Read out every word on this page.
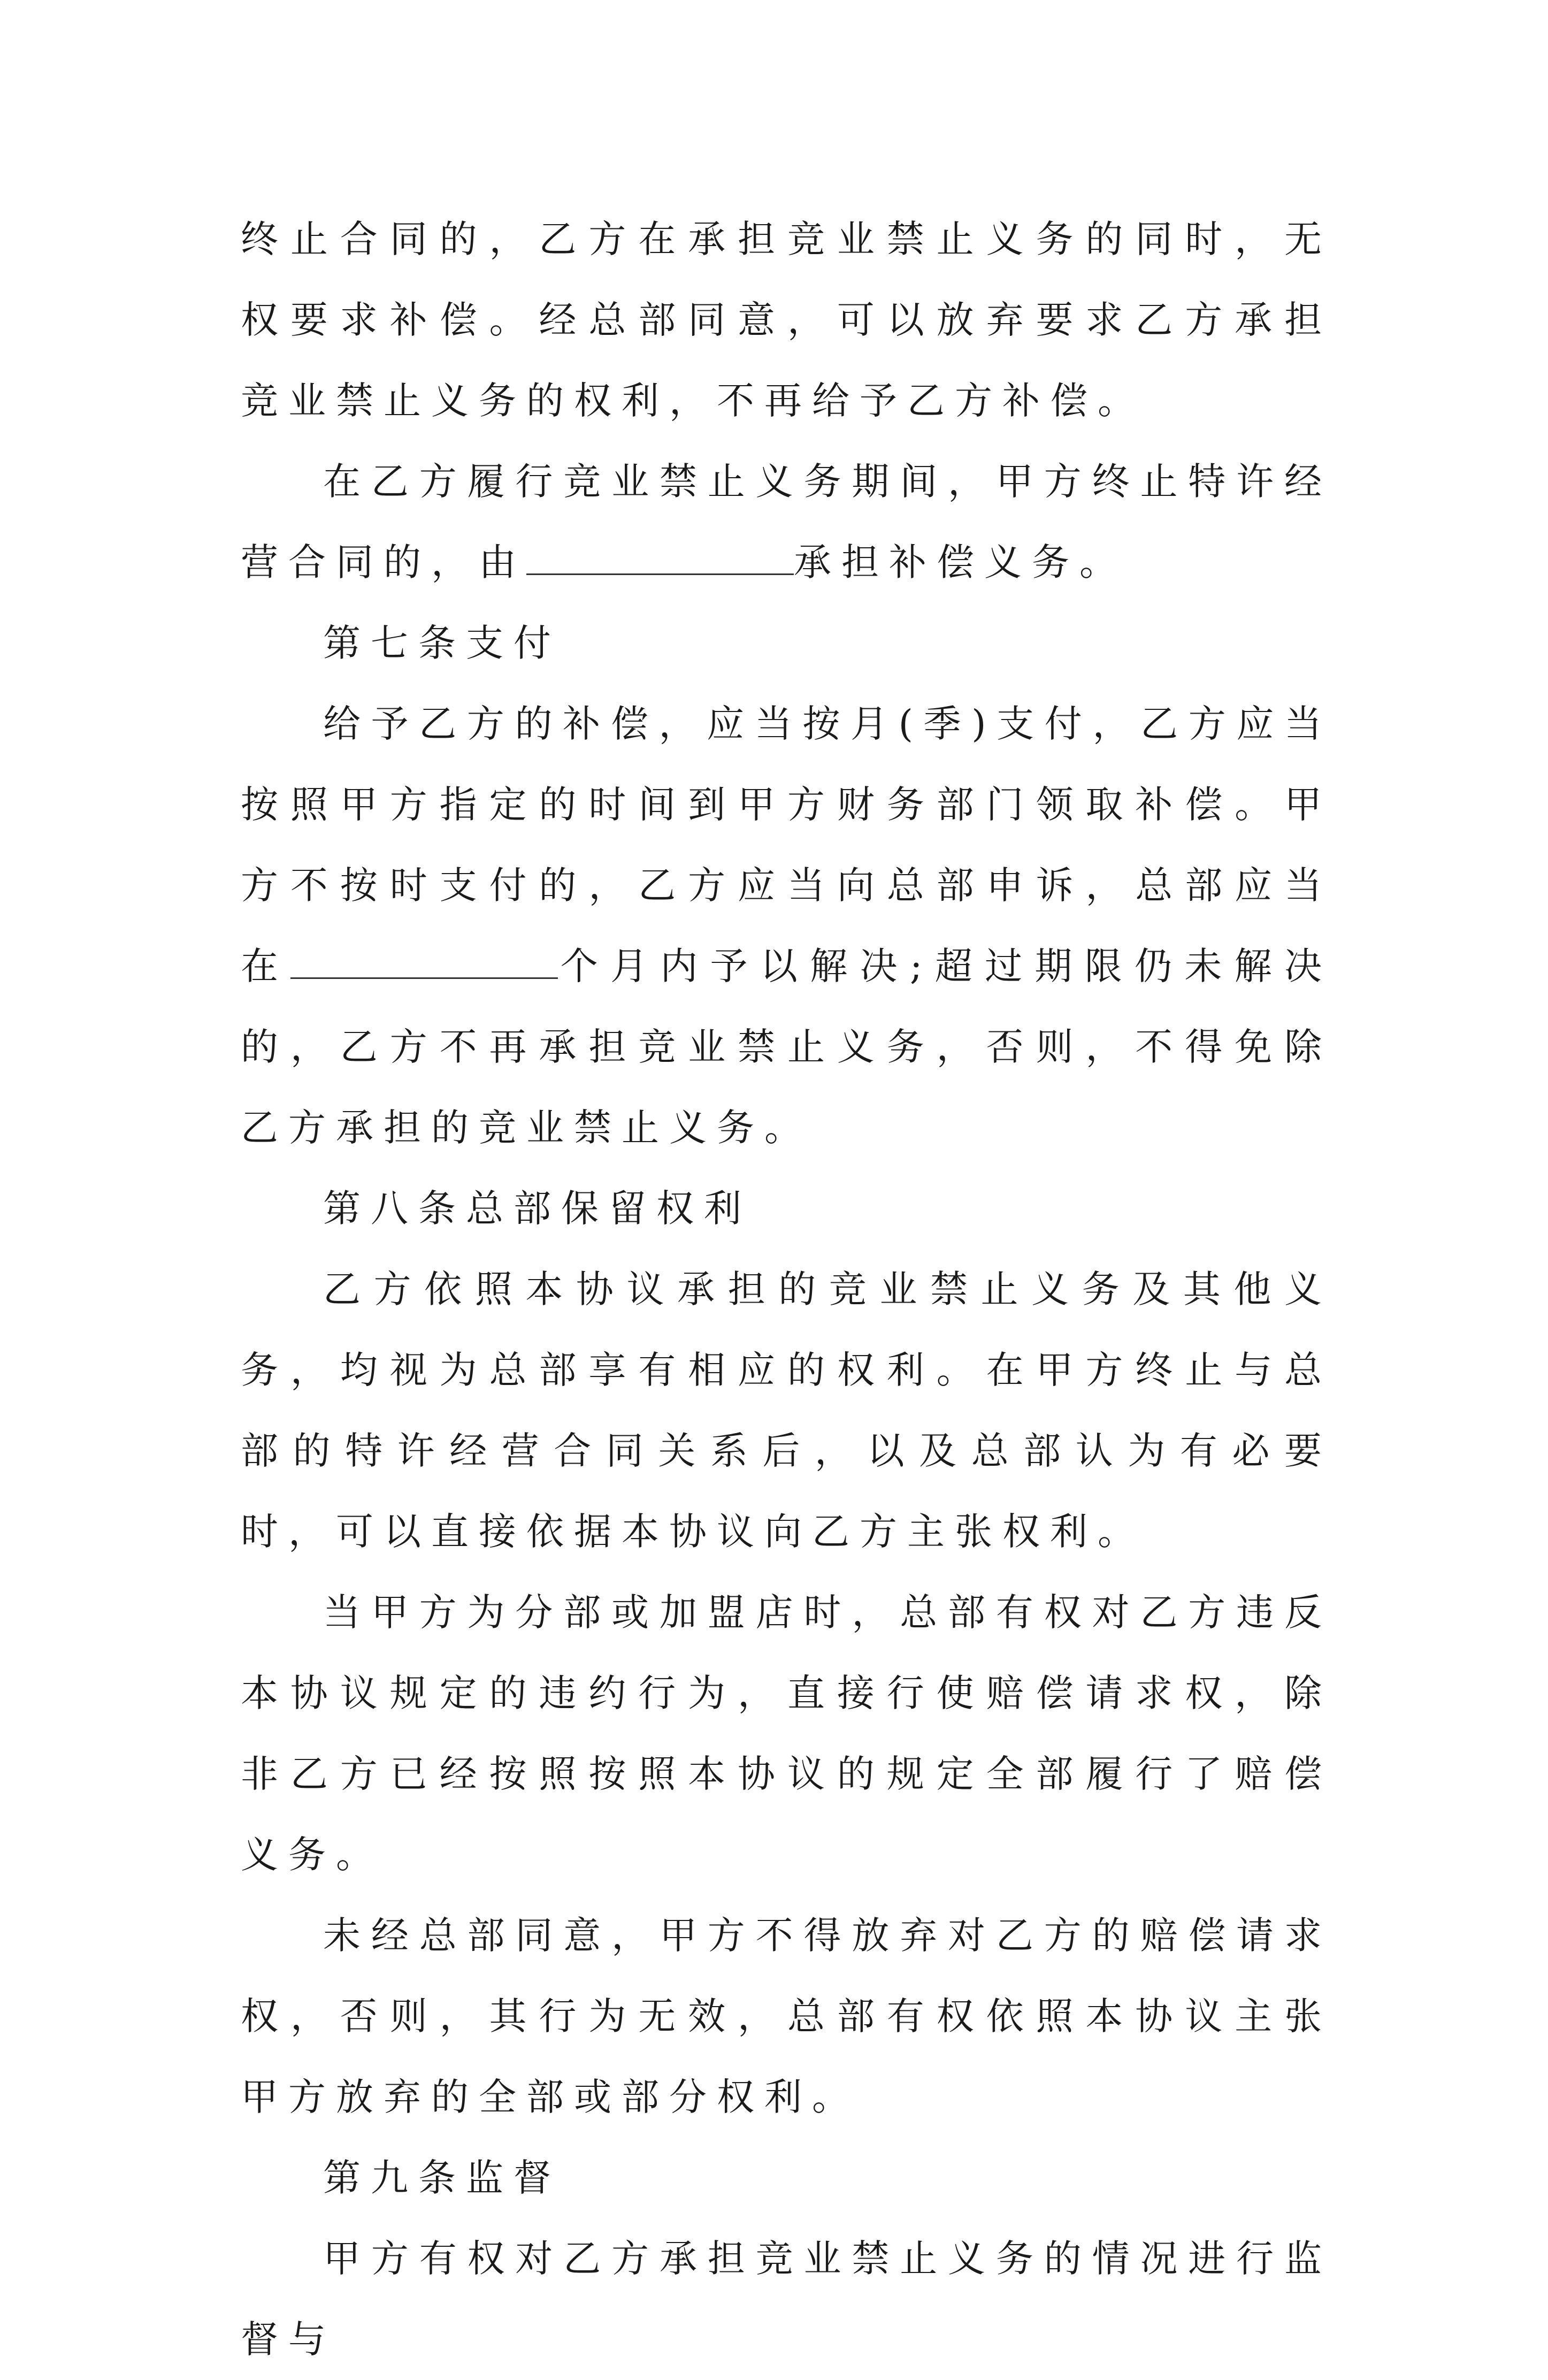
终止合同的，乙方在承担竞业禁止义务的同时，无权要求补偿。经总部同意，可以放弃要求乙方承担竞业禁止义务的权利，不再给予乙方补偿。

在乙方履行竞业禁止义务期间，甲方终止特许经营合同的，由	承担补偿义务。

第七条支付

给予乙方的补偿，应当按月(季)支付，乙方应当按照甲方指定的时间到甲方财务部门领取补偿。甲方不按时支付的，乙方应当向总部申诉，总部应当在	个月内予以解决;超过期限仍未解决的，乙方不再承担竞业禁止义务，否则，不得免除乙方承担的竞业禁止义务。

第八条总部保留权利

乙方依照本协议承担的竞业禁止义务及其他义务，均视为总部享有相应的权利。在甲方终止与总部的特许经营合同关系后，以及总部认为有必要时，可以直接依据本协议向乙方主张权利。

当甲方为分部或加盟店时，总部有权对乙方违反本协议规定的违约行为，直接行使赔偿请求权，除非乙方已经按照按照本协议的规定全部履行了赔偿义务。

未经总部同意，甲方不得放弃对乙方的赔偿请求权，否则，其行为无效，总部有权依照本协议主张甲方放弃的全部或部分权利。

第九条监督

甲方有权对乙方承担竞业禁止义务的情况进行监督与
